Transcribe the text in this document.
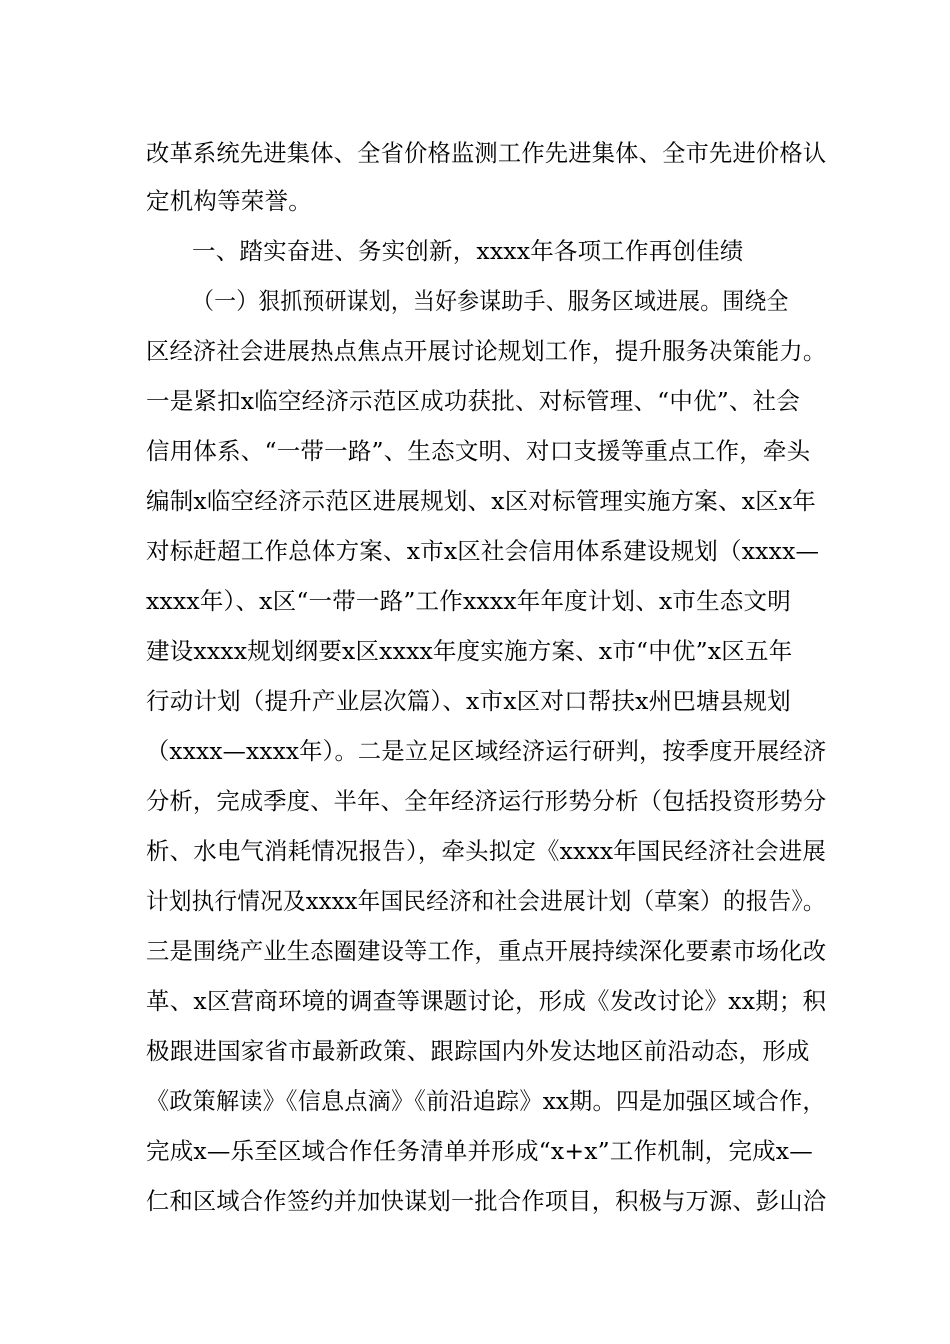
改革系统先进集体、全省价格监测工作先进集体、全市先进价格认
定机构等荣誉。
一、踏实奋进、务实创新，xxxx年各项工作再创佳绩
（一）狠抓预研谋划，当好参谋助手、服务区域进展。围绕全
区经济社会进展热点焦点开展讨论规划工作，提升服务决策能力。
一是紧扣x临空经济示范区成功获批、对标管理、“中优”、社会
信用体系、“一带一路”、生态文明、对口支援等重点工作，牵头
编制x临空经济示范区进展规划、x区对标管理实施方案、x区x年
对标赶超工作总体方案、x市x区社会信用体系建设规划（xxxx—
xxxx年）、x区“一带一路”工作xxxx年年度计划、x市生态文明
建设xxxx规划纲要x区xxxx年度实施方案、x市“中优”x区五年
行动计划（提升产业层次篇）、x市x区对口帮扶x州巴塘县规划
（xxxx—xxxx年）。二是立足区域经济运行研判，按季度开展经济
分析，完成季度、半年、全年经济运行形势分析（包括投资形势分
析、水电气消耗情况报告），牵头拟定《xxxx年国民经济社会进展
计划执行情况及xxxx年国民经济和社会进展计划（草案）的报告》。
三是围绕产业生态圈建设等工作，重点开展持续深化要素市场化改
革、x区营商环境的调查等课题讨论，形成《发改讨论》xx期；积
极跟进国家省市最新政策、跟踪国内外发达地区前沿动态，形成
《政策解读》《信息点滴》《前沿追踪》xx期。四是加强区域合作，
完成x—乐至区域合作任务清单并形成“x+x”工作机制，完成x—
仁和区域合作签约并加快谋划一批合作项目，积极与万源、彭山洽
